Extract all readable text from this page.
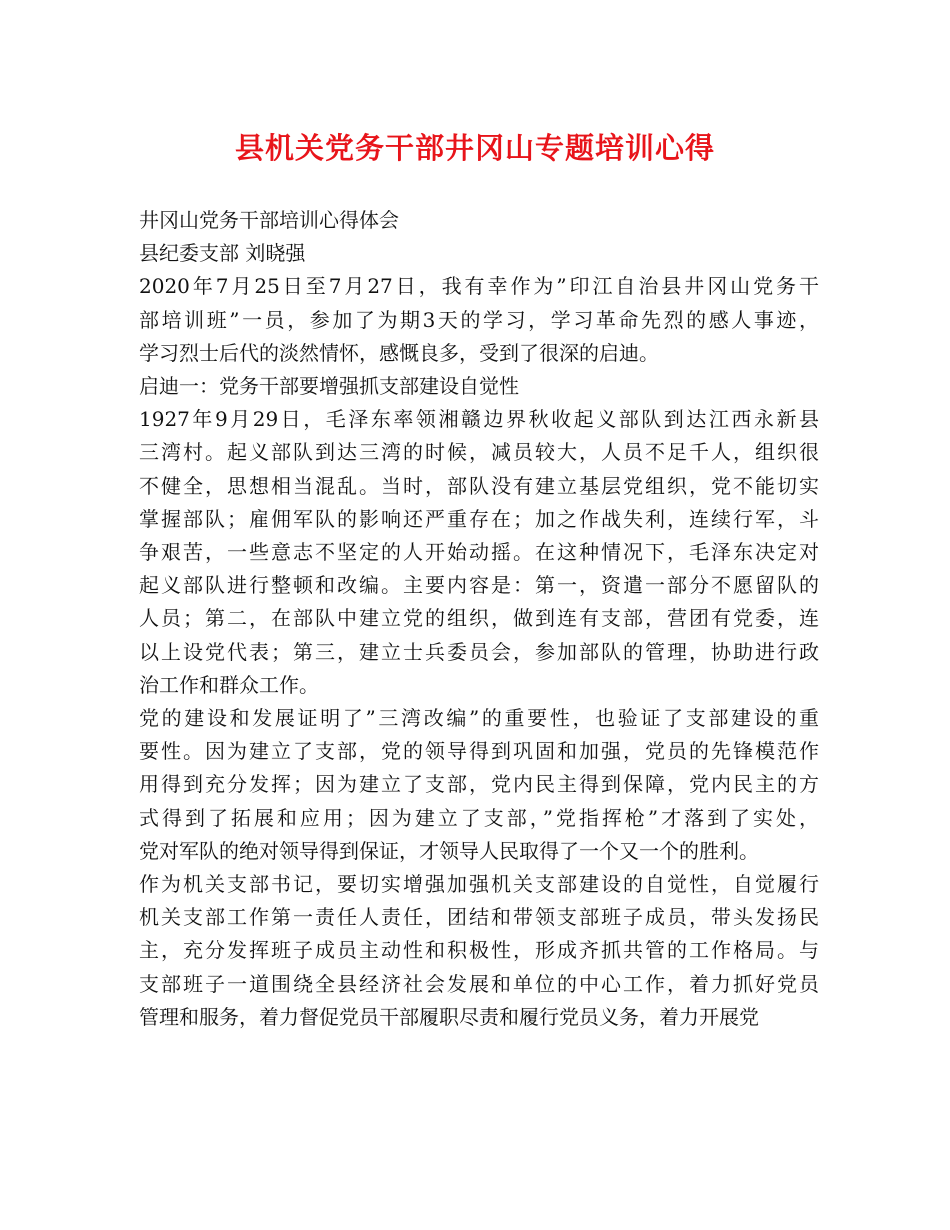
县机关党务干部井冈山专题培训心得

井冈山党务干部培训心得体会

县纪委支部 刘晓强

2020年7月25日至7月27日，我有幸作为”印江自治县井冈山党务干
部培训班”一员，参加了为期3天的学习，学习革命先烈的感人事迹，
学习烈士后代的淡然情怀，感慨良多，受到了很深的启迪。

启迪一：党务干部要增强抓支部建设自觉性

1927年9月29日，毛泽东率领湘赣边界秋收起义部队到达江西永新县
三湾村。起义部队到达三湾的时候，减员较大，人员不足千人，组织很
不健全，思想相当混乱。当时，部队没有建立基层党组织，党不能切实
掌握部队；雇佣军队的影响还严重存在；加之作战失利，连续行军，斗
争艰苦，一些意志不坚定的人开始动摇。在这种情况下，毛泽东决定对
起义部队进行整顿和改编。主要内容是：第一，资遣一部分不愿留队的
人员；第二，在部队中建立党的组织，做到连有支部，营团有党委，连
以上设党代表；第三，建立士兵委员会，参加部队的管理，协助进行政
治工作和群众工作。

党的建设和发展证明了”三湾改编”的重要性，也验证了支部建设的重
要性。因为建立了支部，党的领导得到巩固和加强，党员的先锋模范作
用得到充分发挥；因为建立了支部，党内民主得到保障，党内民主的方
式得到了拓展和应用；因为建立了支部，”党指挥枪”才落到了实处，
党对军队的绝对领导得到保证，才领导人民取得了一个又一个的胜利。

作为机关支部书记，要切实增强加强机关支部建设的自觉性，自觉履行
机关支部工作第一责任人责任，团结和带领支部班子成员，带头发扬民
主，充分发挥班子成员主动性和积极性，形成齐抓共管的工作格局。与
支部班子一道围绕全县经济社会发展和单位的中心工作，着力抓好党员
管理和服务，着力督促党员干部履职尽责和履行党员义务，着力开展党
